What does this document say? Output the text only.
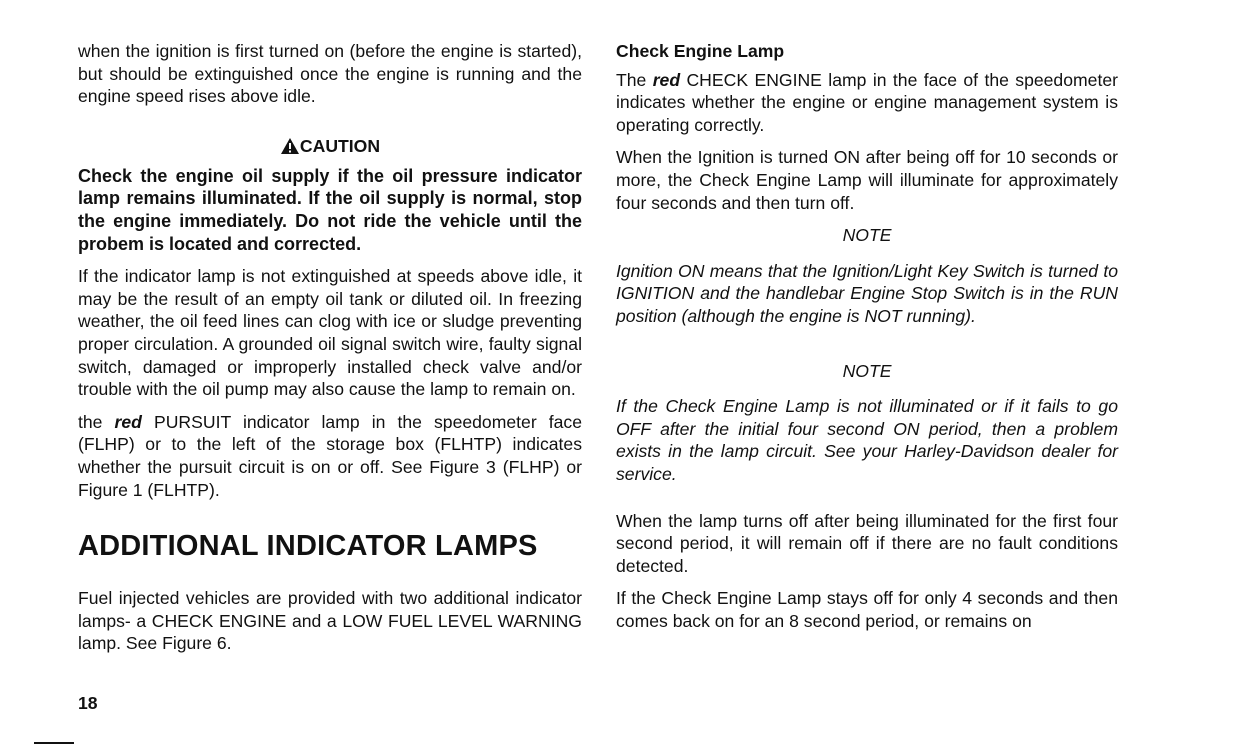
when the ignition is first turned on (before the engine is started), but should be extinguished once the engine is running and the engine speed rises above idle.

CAUTION

Check the engine oil supply if the oil pressure indicator lamp remains illuminated. If the oil supply is normal, stop the engine immediately. Do not ride the vehicle until the probem is located and corrected.

If the indicator lamp is not extinguished at speeds above idle, it may be the result of an empty oil tank or diluted oil. In freezing weather, the oil feed lines can clog with ice or sludge preventing proper circulation. A grounded oil signal switch wire, faulty signal switch, damaged or improperly installed check valve and/or trouble with the oil pump may also cause the lamp to remain on.

the red PURSUIT indicator lamp in the speedometer face (FLHP) or to the left of the storage box (FLHTP) indicates whether the pursuit circuit is on or off. See Figure 3 (FLHP) or Figure 1 (FLHTP).

ADDITIONAL INDICATOR LAMPS

Fuel injected vehicles are provided with two additional indicator lamps- a CHECK ENGINE and a LOW FUEL LEVEL WARNING lamp. See Figure 6.

Check Engine Lamp

The red CHECK ENGINE lamp in the face of the speedometer indicates whether the engine or engine management system is operating correctly.

When the Ignition is turned ON after being off for 10 seconds or more, the Check Engine Lamp will illuminate for approximately four seconds and then turn off.

NOTE

Ignition ON means that the Ignition/Light Key Switch is turned to IGNITION and the handlebar Engine Stop Switch is in the RUN position (although the engine is NOT running).

NOTE

If the Check Engine Lamp is not illuminated or if it fails to go OFF after the initial four second ON period, then a problem exists in the lamp circuit. See your Harley-Davidson dealer for service.

When the lamp turns off after being illuminated for the first four second period, it will remain off if there are no fault conditions detected.

If the Check Engine Lamp stays off for only 4 seconds and then comes back on for an 8 second period, or remains on

18
